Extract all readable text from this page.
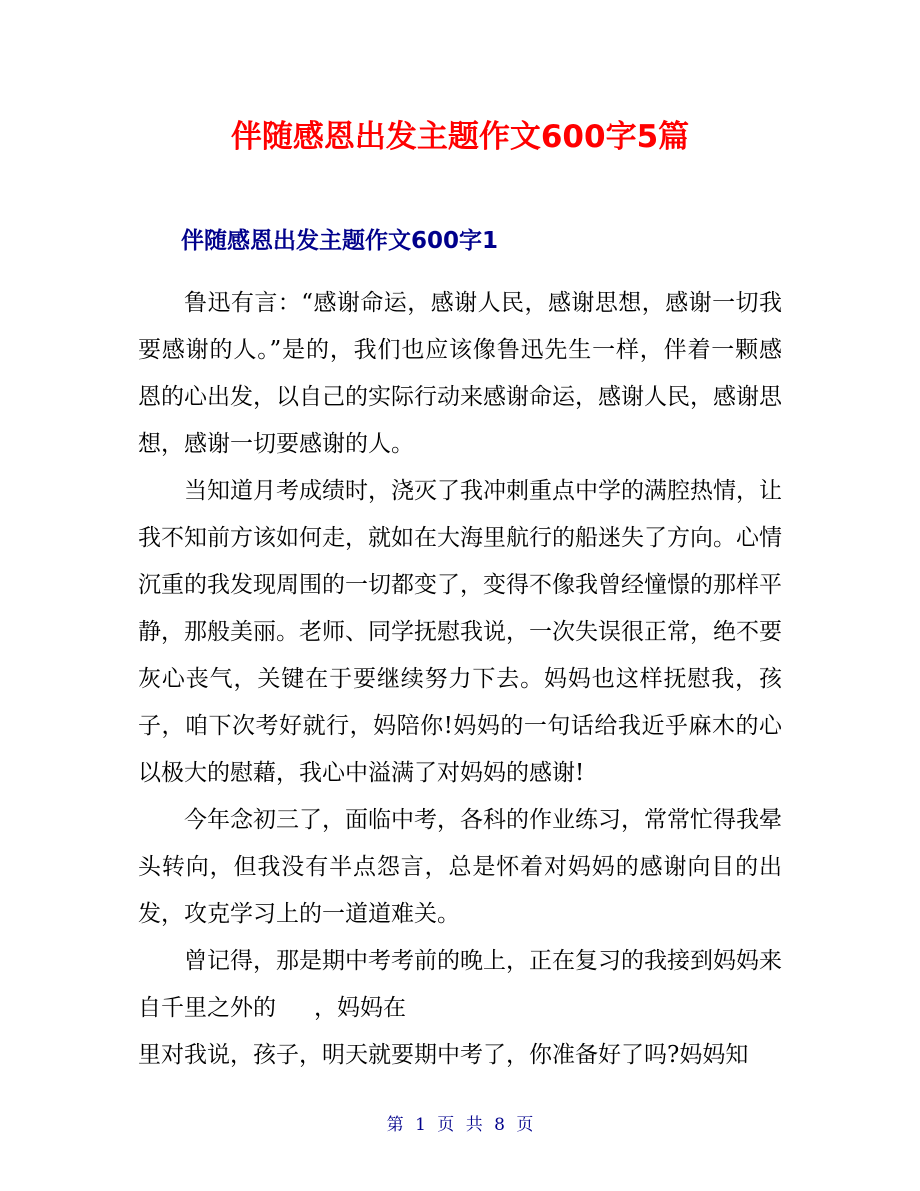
伴随感恩出发主题作文600字5篇
伴随感恩出发主题作文600字1

鲁迅有言：“感谢命运，感谢人民，感谢思想，感谢一切我要感谢的人。”是的，我们也应该像鲁迅先生一样，伴着一颗感恩的心出发，以自己的实际行动来感谢命运，感谢人民，感谢思想，感谢一切要感谢的人。

当知道月考成绩时，浇灭了我冲刺重点中学的满腔热情，让我不知前方该如何走，就如在大海里航行的船迷失了方向。心情沉重的我发现周围的一切都变了，变得不像我曾经憧憬的那样平静，那般美丽。老师、同学抚慰我说，一次失误很正常，绝不要灰心丧气，关键在于要继续努力下去。妈妈也这样抚慰我，孩子，咱下次考好就行，妈陪你!妈妈的一句话给我近乎麻木的心以极大的慰藉，我心中溢满了对妈妈的感谢!

今年念初三了，面临中考，各科的作业练习，常常忙得我晕头转向，但我没有半点怨言，总是怀着对妈妈的感谢向目的出发，攻克学习上的一道道难关。

曾记得，那是期中考考前的晚上，正在复习的我接到妈妈来自千里之外的 ，妈妈在
里对我说，孩子，明天就要期中考了，你准备好了吗?妈妈知

第 1 页 共 8 页
